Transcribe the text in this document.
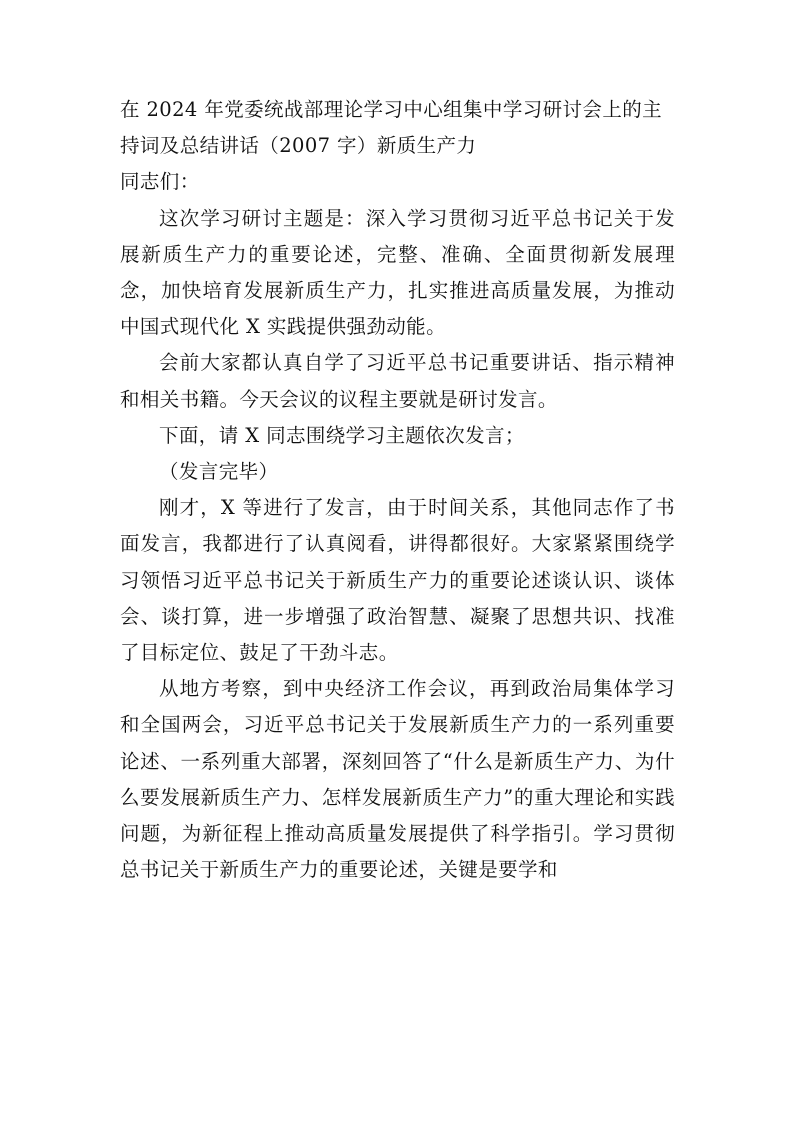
在 2024 年党委统战部理论学习中心组集中学习研讨会上的主持词及总结讲话（2007 字）新质生产力

同志们：

这次学习研讨主题是：深入学习贯彻习近平总书记关于发展新质生产力的重要论述，完整、准确、全面贯彻新发展理念，加快培育发展新质生产力，扎实推进高质量发展，为推动中国式现代化 X 实践提供强劲动能。

会前大家都认真自学了习近平总书记重要讲话、指示精神和相关书籍。今天会议的议程主要就是研讨发言。

下面，请 X 同志围绕学习主题依次发言；

（发言完毕）

刚才，X 等进行了发言，由于时间关系，其他同志作了书面发言，我都进行了认真阅看，讲得都很好。大家紧紧围绕学习领悟习近平总书记关于新质生产力的重要论述谈认识、谈体会、谈打算，进一步增强了政治智慧、凝聚了思想共识、找准了目标定位、鼓足了干劲斗志。

从地方考察，到中央经济工作会议，再到政治局集体学习和全国两会，习近平总书记关于发展新质生产力的一系列重要论述、一系列重大部署，深刻回答了“什么是新质生产力、为什么要发展新质生产力、怎样发展新质生产力”的重大理论和实践问题，为新征程上推动高质量发展提供了科学指引。学习贯彻总书记关于新质生产力的重要论述，关键是要学和
